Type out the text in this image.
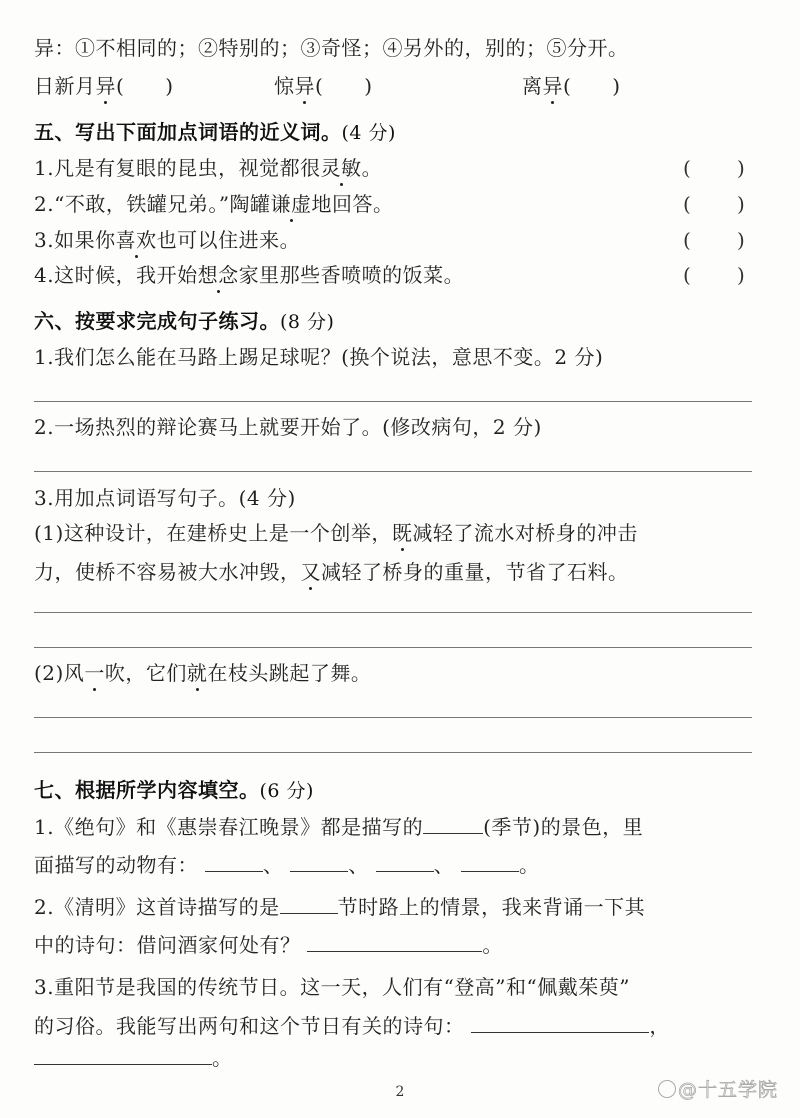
异：①不相同的；②特别的；③奇怪；④另外的，别的；⑤分开。
日新月异(　　)	惊异(　　)	离异(　　)
五、写出下面加点词语的近义词。(4 分)
1.凡是有复眼的昆虫，视觉都很灵敏。	( )
2.“不敢，铁罐兄弟。”陶罐谦虚地回答。	( )
3.如果你喜欢也可以住进来。	( )
4.这时候，我开始想念家里那些香喷喷的饭菜。	( )
六、按要求完成句子练习。(8 分)
1.我们怎么能在马路上踢足球呢？(换个说法，意思不变。2 分)
2.一场热烈的辩论赛马上就要开始了。(修改病句，2 分)
3.用加点词语写句子。(4 分)
(1)这种设计，在建桥史上是一个创举，既减轻了流水对桥身的冲击
力，使桥不容易被大水冲毁，又减轻了桥身的重量，节省了石料。
(2)风一吹，它们就在枝头跳起了舞。
七、根据所学内容填空。(6 分)
1.《绝句》和《惠崇春江晚景》都是描写的	(季节)的景色，里
面描写的动物有：	、	、	、	。
2.《清明》这首诗描写的是	节时路上的情景，我来背诵一下其
中的诗句：借问酒家何处有？	。
3.重阳节是我国的传统节日。这一天，人们有“登高”和“佩戴茱萸”
的习俗。我能写出两句和这个节日有关的诗句：	，
。
2	@十五学院
